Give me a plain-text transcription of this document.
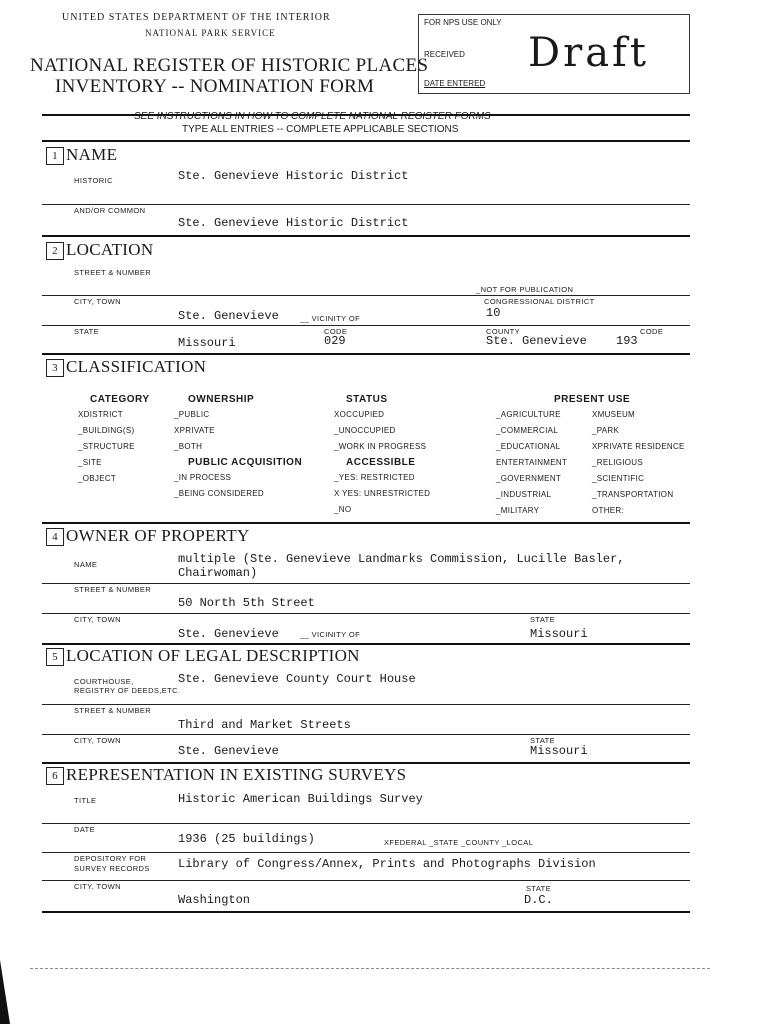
UNITED STATES DEPARTMENT OF THE INTERIOR
NATIONAL PARK SERVICE
NATIONAL REGISTER OF HISTORIC PLACES
INVENTORY -- NOMINATION FORM
FOR NPS USE ONLY
RECEIVED
DATE ENTERED
Draft
SEE INSTRUCTIONS IN HOW TO COMPLETE NATIONAL REGISTER FORMS
TYPE ALL ENTRIES -- COMPLETE APPLICABLE SECTIONS
1 NAME
HISTORIC	Ste. Genevieve Historic District
AND/OR COMMON
Ste. Genevieve Historic District
2 LOCATION
STREET & NUMBER
_NOT FOR PUBLICATION
CITY, TOWN	CONGRESSIONAL DISTRICT
Ste. Genevieve	__ VICINITY OF	10
STATE	CODE	COUNTY	CODE
Missouri	029	Ste. Genevieve 193
3 CLASSIFICATION
CATEGORY
XDISTRICT
_BUILDING(S)
_STRUCTURE
_SITE
_OBJECT
OWNERSHIP
_PUBLIC
XPRIVATE
_BOTH
PUBLIC ACQUISITION
_IN PROCESS
_BEING CONSIDERED
STATUS
XOCCUPIED
_UNOCCUPIED
_WORK IN PROGRESS
ACCESSIBLE
_YES: RESTRICTED
X YES: UNRESTRICTED
_NO
PRESENT USE
_AGRICULTURE
_COMMERCIAL
_EDUCATIONAL
ENTERTAINMENT
_GOVERNMENT
_INDUSTRIAL
_MILITARY
XMUSEUM
_PARK
XPRIVATE RESIDENCE
_RELIGIOUS
_SCIENTIFIC
_TRANSPORTATION
OTHER:
4 OWNER OF PROPERTY
NAME	multiple (Ste. Genevieve Landmarks Commission, Lucille Basler,
Chairwoman)
STREET & NUMBER
50 North 5th Street
CITY, TOWN	STATE
Ste. Genevieve	__ VICINITY OF	Missouri
5 LOCATION OF LEGAL DESCRIPTION
COURTHOUSE,
REGISTRY OF DEEDS,ETC.
Ste. Genevieve County Court House
STREET & NUMBER
Third and Market Streets
CITY, TOWN	STATE
Ste. Genevieve	Missouri
6 REPRESENTATION IN EXISTING SURVEYS
TITLE	Historic American Buildings Survey
DATE
1936 (25 buildings)	XFEDERAL _STATE _COUNTY _LOCAL
DEPOSITORY FOR
SURVEY RECORDS Library of Congress/Annex, Prints and Photographs Division
CITY, TOWN	STATE
Washington	D.C.
